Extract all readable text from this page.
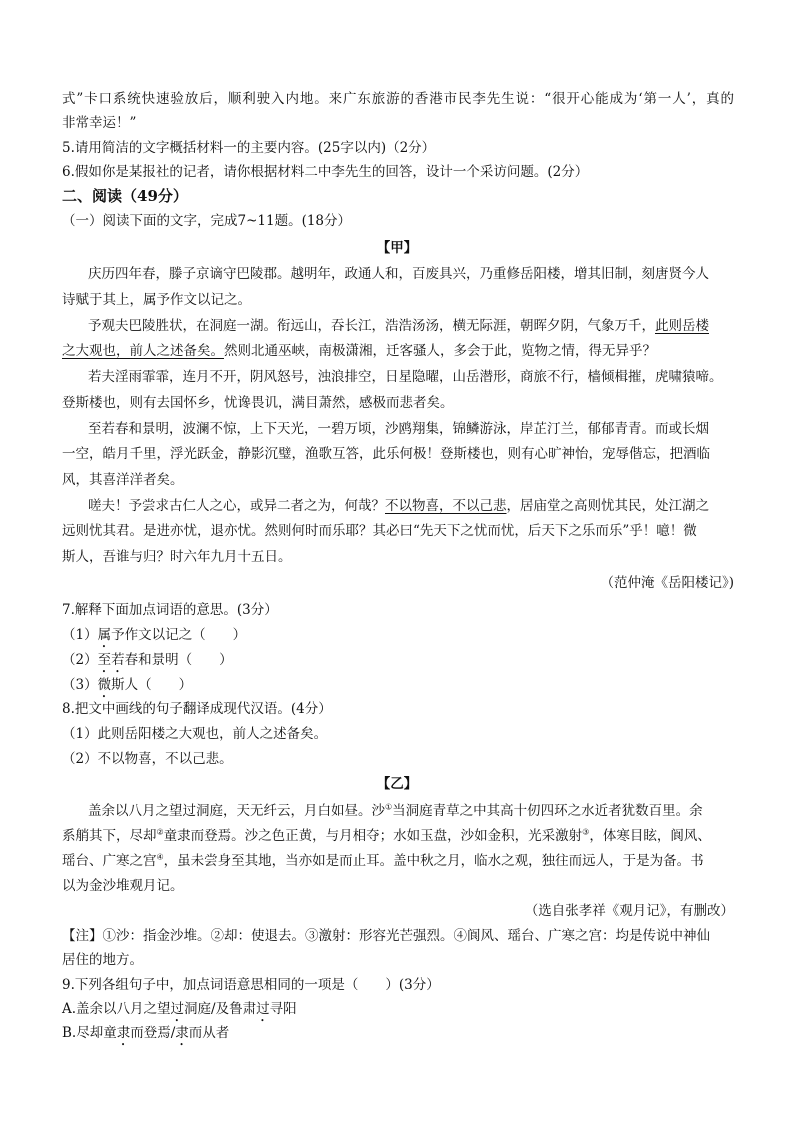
式”卡口系统快速验放后，顺利驶入内地。来广东旅游的香港市民李先生说：“很开心能成为‘第一人’，真的
非常幸运！”
5.请用简洁的文字概括材料一的主要内容。(25字以内)（2分）
6.假如你是某报社的记者，请你根据材料二中李先生的回答，设计一个采访问题。(2分）
二、阅读（49分）
（一）阅读下面的文字，完成7~11题。(18分）
【甲】
庆历四年春，滕子京谪守巴陵郡。越明年，政通人和，百废具兴，乃重修岳阳楼，增其旧制，刻唐贤今人
诗赋于其上，属予作文以记之。
予观夫巴陵胜状，在洞庭一湖。衔远山，吞长江，浩浩汤汤，横无际涯，朝晖夕阴，气象万千，此则岳楼
之大观也，前人之述备矣。然则北通巫峡，南极潇湘，迁客骚人，多会于此，览物之情，得无异乎？
若夫淫雨霏霏，连月不开，阴风怒号，浊浪排空，日星隐曜，山岳潜形，商旅不行，樯倾楫摧，虎啸猿啼。
登斯楼也，则有去国怀乡，忧谗畏讥，满目萧然，感极而悲者矣。
至若春和景明，波澜不惊，上下天光，一碧万顷，沙鸥翔集，锦鳞游泳，岸芷汀兰，郁郁青青。而或长烟
一空，皓月千里，浮光跃金，静影沉璧，渔歌互答，此乐何极！登斯楼也，则有心旷神怡，宠辱偕忘，把酒临
风，其喜洋洋者矣。
嗟夫！予尝求古仁人之心，或异二者之为，何哉？不以物喜，不以己悲，居庙堂之高则忧其民，处江湖之
远则忧其君。是进亦忧，退亦忧。然则何时而乐耶？其必曰“先天下之忧而忧，后天下之乐而乐”乎！噫！微
斯人，吾谁与归？时六年九月十五日。
（范仲淹《岳阳楼记》)
7.解释下面加点词语的意思。(3分）
（1）属予作文以记之（　　）
（2）至若春和景明（　　）
（3）微斯人（　　）
8.把文中画线的句子翻译成现代汉语。(4分）
（1）此则岳阳楼之大观也，前人之述备矣。
（2）不以物喜，不以己悲。
【乙】
盖余以八月之望过洞庭，天无纤云，月白如昼。沙①当洞庭青草之中其高十仞四环之水近者犹数百里。余
系艄其下，尽却②童隶而登焉。沙之色正黄，与月相夺；水如玉盘，沙如金积，光采激射③，体寒目眩，阆风、
瑶台、广寒之宫④，虽未尝身至其地，当亦如是而止耳。盖中秋之月，临水之观，独往而远人，于是为备。书
以为金沙堆观月记。
（选自张孝祥《观月记》，有删改）
【注】①沙：指金沙堆。②却：使退去。③激射：形容光芒强烈。④阆风、瑶台、广寒之宫：均是传说中神仙
居住的地方。
9.下列各组句子中，加点词语意思相同的一项是（　　）(3分）
A.盖余以八月之望过洞庭/及鲁肃过寻阳
B.尽却童隶而登焉/隶而从者
